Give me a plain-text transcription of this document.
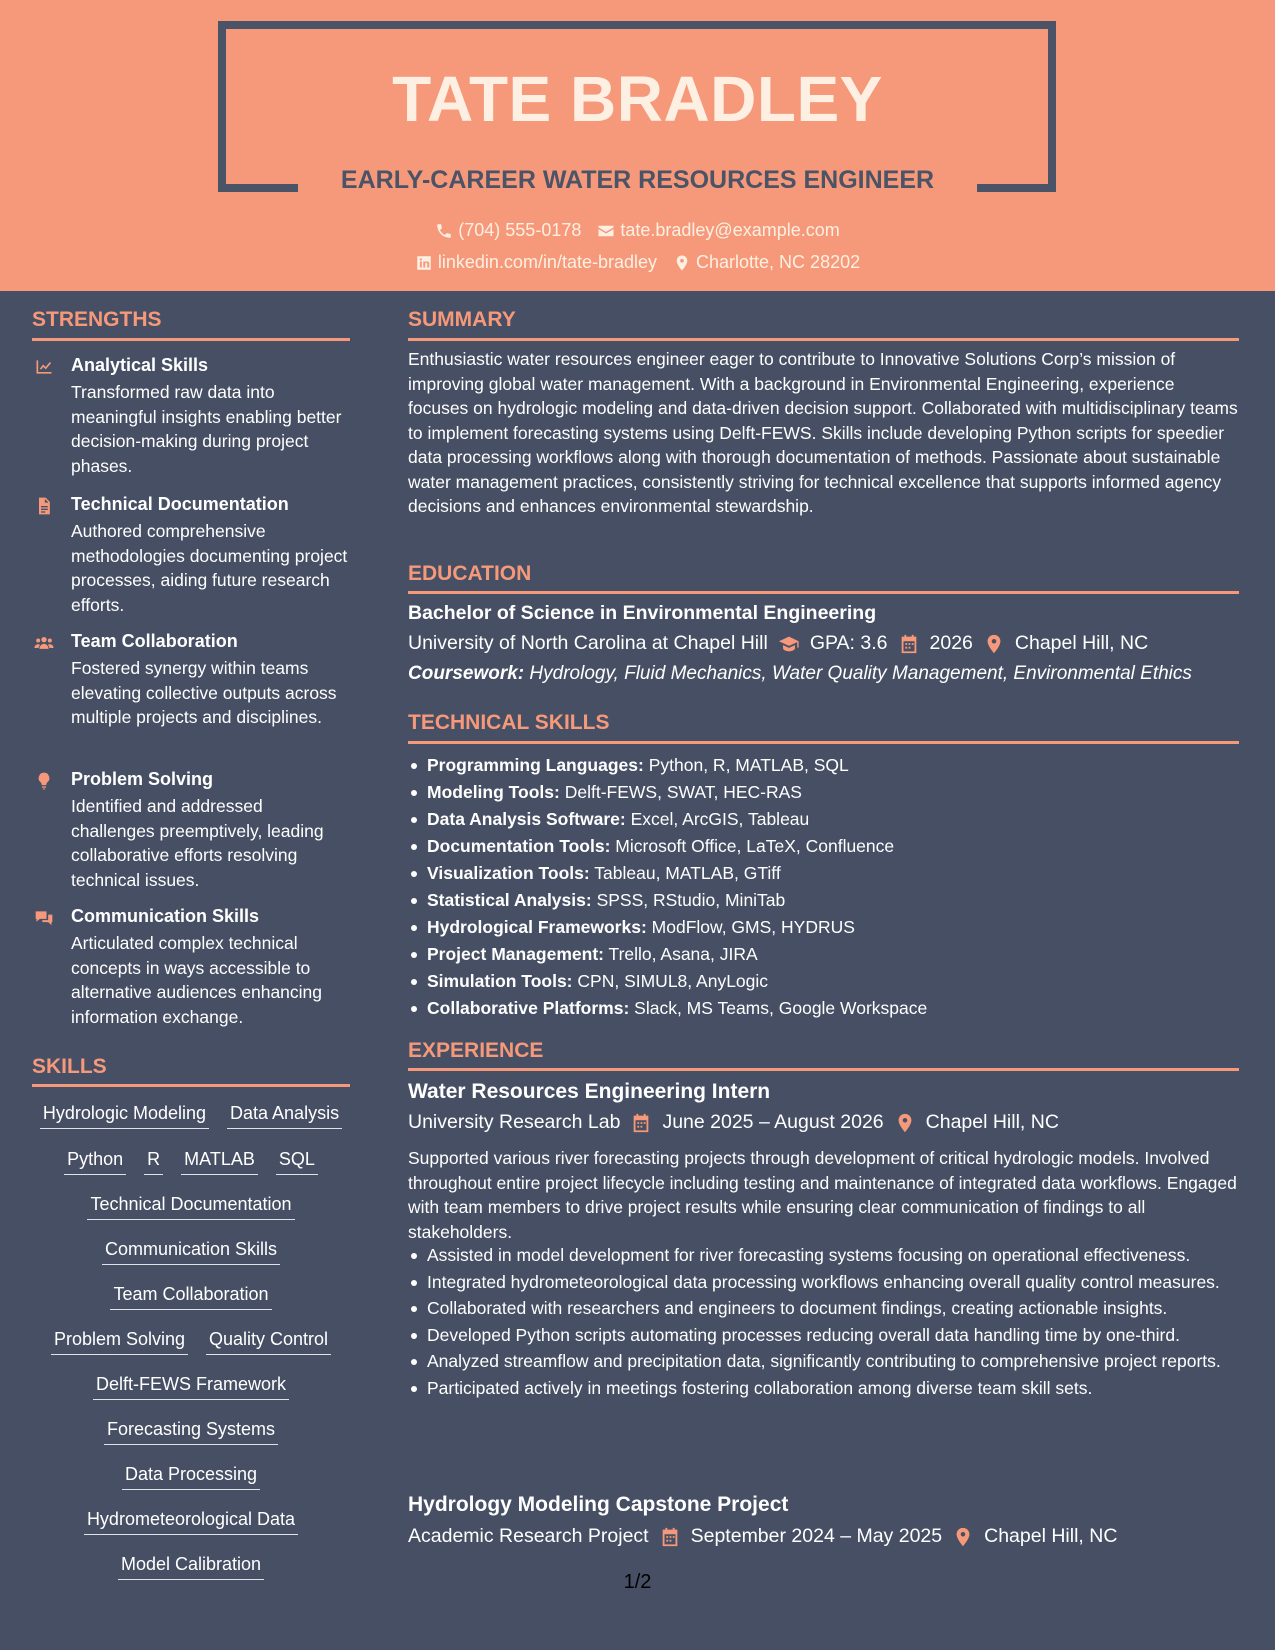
TATE BRADLEY
EARLY-CAREER WATER RESOURCES ENGINEER
(704) 555-0178 tate.bradley@example.com
linkedin.com/in/tate-bradley Charlotte, NC 28202
STRENGTHS
Analytical Skills
Transformed raw data into meaningful insights enabling better decision-making during project phases.
Technical Documentation
Authored comprehensive methodologies documenting project processes, aiding future research efforts.
Team Collaboration
Fostered synergy within teams elevating collective outputs across multiple projects and disciplines.
Problem Solving
Identified and addressed challenges preemptively, leading collaborative efforts resolving technical issues.
Communication Skills
Articulated complex technical concepts in ways accessible to alternative audiences enhancing information exchange.
SKILLS
Hydrologic Modeling Data Analysis
Python R MATLAB SQL
Technical Documentation
Communication Skills
Team Collaboration
Problem Solving Quality Control
Delft-FEWS Framework
Forecasting Systems
Data Processing
Hydrometeorological Data
Model Calibration
SUMMARY
Enthusiastic water resources engineer eager to contribute to Innovative Solutions Corp’s mission of improving global water management. With a background in Environmental Engineering, experience focuses on hydrologic modeling and data-driven decision support. Collaborated with multidisciplinary teams to implement forecasting systems using Delft-FEWS. Skills include developing Python scripts for speedier data processing workflows along with thorough documentation of methods. Passionate about sustainable water management practices, consistently striving for technical excellence that supports informed agency decisions and enhances environmental stewardship.
EDUCATION
Bachelor of Science in Environmental Engineering
University of North Carolina at Chapel Hill GPA: 3.6 2026 Chapel Hill, NC
Coursework: Hydrology, Fluid Mechanics, Water Quality Management, Environmental Ethics
TECHNICAL SKILLS
Programming Languages: Python, R, MATLAB, SQL
Modeling Tools: Delft-FEWS, SWAT, HEC-RAS
Data Analysis Software: Excel, ArcGIS, Tableau
Documentation Tools: Microsoft Office, LaTeX, Confluence
Visualization Tools: Tableau, MATLAB, GTiff
Statistical Analysis: SPSS, RStudio, MiniTab
Hydrological Frameworks: ModFlow, GMS, HYDRUS
Project Management: Trello, Asana, JIRA
Simulation Tools: CPN, SIMUL8, AnyLogic
Collaborative Platforms: Slack, MS Teams, Google Workspace
EXPERIENCE
Water Resources Engineering Intern
University Research Lab June 2025 – August 2026 Chapel Hill, NC
Supported various river forecasting projects through development of critical hydrologic models. Involved throughout entire project lifecycle including testing and maintenance of integrated data workflows. Engaged with team members to drive project results while ensuring clear communication of findings to all stakeholders.
Assisted in model development for river forecasting systems focusing on operational effectiveness.
Integrated hydrometeorological data processing workflows enhancing overall quality control measures.
Collaborated with researchers and engineers to document findings, creating actionable insights.
Developed Python scripts automating processes reducing overall data handling time by one-third.
Analyzed streamflow and precipitation data, significantly contributing to comprehensive project reports.
Participated actively in meetings fostering collaboration among diverse team skill sets.
Hydrology Modeling Capstone Project
Academic Research Project September 2024 – May 2025 Chapel Hill, NC
1/2
